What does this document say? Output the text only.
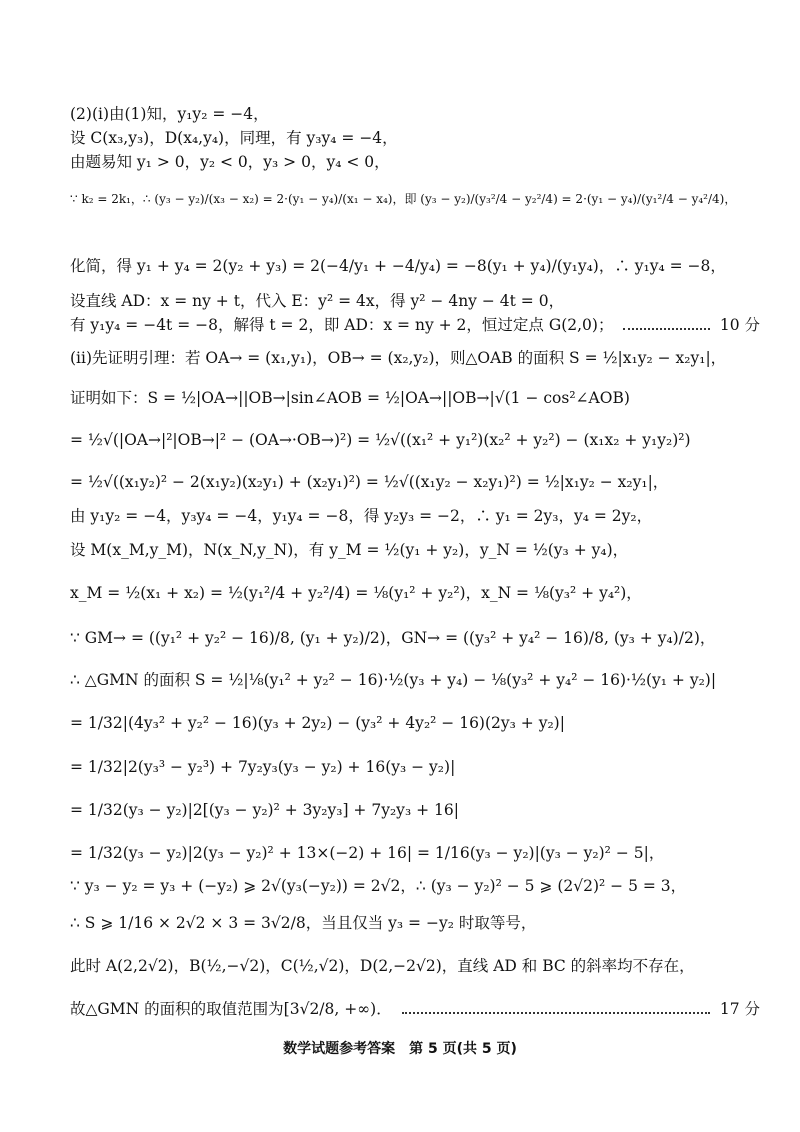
(2)(ⅰ)由(1)知，y₁y₂ = −4，
设 C(x₃,y₃)，D(x₄,y₄)，同理，有 y₃y₄ = −4，
由题易知 y₁ > 0，y₂ < 0，y₃ > 0，y₄ < 0，
∵ k₂ = 2k₁，∴ (y₃ − y₂)/(x₃ − x₂) = 2·(y₁ − y₄)/(x₁ − x₄)，即 (y₃ − y₂)/(y₃²/4 − y₂²/4) = 2·(y₁ − y₄)/(y₁²/4 − y₄²/4)，
化简，得 y₁ + y₄ = 2(y₂ + y₃) = 2(−4/y₁ + −4/y₄) = −8(y₁ + y₄)/(y₁y₄)，∴ y₁y₄ = −8，
设直线 AD：x = ny + t，代入 E：y² = 4x，得 y² − 4ny − 4t = 0，
有 y₁y₄ = −4t = −8，解得 t = 2，即 AD：x = ny + 2，恒过定点 G(2,0)；	10 分
(ⅱ)先证明引理：若 OA→ = (x₁,y₁)，OB→ = (x₂,y₂)，则△OAB 的面积 S = ½|x₁y₂ − x₂y₁|，
证明如下：S = ½|OA→||OB→|sin∠AOB = ½|OA→||OB→|√(1 − cos²∠AOB)
= ½√(|OA→|²|OB→|² − (OA→·OB→)²) = ½√((x₁² + y₁²)(x₂² + y₂²) − (x₁x₂ + y₁y₂)²)
= ½√((x₁y₂)² − 2(x₁y₂)(x₂y₁) + (x₂y₁)²) = ½√((x₁y₂ − x₂y₁)²) = ½|x₁y₂ − x₂y₁|，
由 y₁y₂ = −4，y₃y₄ = −4，y₁y₄ = −8，得 y₂y₃ = −2，∴ y₁ = 2y₃，y₄ = 2y₂，
设 M(x_M,y_M)，N(x_N,y_N)，有 y_M = ½(y₁ + y₂)，y_N = ½(y₃ + y₄)，
x_M = ½(x₁ + x₂) = ½(y₁²/4 + y₂²/4) = ⅛(y₁² + y₂²)，x_N = ⅛(y₃² + y₄²)，
∵ GM→ = ((y₁² + y₂² − 16)/8, (y₁ + y₂)/2)，GN→ = ((y₃² + y₄² − 16)/8, (y₃ + y₄)/2)，
∴ △GMN 的面积 S = ½|⅛(y₁² + y₂² − 16)·½(y₃ + y₄) − ⅛(y₃² + y₄² − 16)·½(y₁ + y₂)|
= 1/32|(4y₃² + y₂² − 16)(y₃ + 2y₂) − (y₃² + 4y₂² − 16)(2y₃ + y₂)|
= 1/32|2(y₃³ − y₂³) + 7y₂y₃(y₃ − y₂) + 16(y₃ − y₂)|
= 1/32(y₃ − y₂)|2[(y₃ − y₂)² + 3y₂y₃] + 7y₂y₃ + 16|
= 1/32(y₃ − y₂)|2(y₃ − y₂)² + 13×(−2) + 16| = 1/16(y₃ − y₂)|(y₃ − y₂)² − 5|，
∵ y₃ − y₂ = y₃ + (−y₂) ⩾ 2√(y₃(−y₂)) = 2√2，∴ (y₃ − y₂)² − 5 ⩾ (2√2)² − 5 = 3，
∴ S ⩾ 1/16 × 2√2 × 3 = 3√2/8，当且仅当 y₃ = −y₂ 时取等号，
此时 A(2,2√2)，B(½,−√2)，C(½,√2)，D(2,−2√2)，直线 AD 和 BC 的斜率均不存在，
故△GMN 的面积的取值范围为[3√2/8, +∞)．	17 分
数学试题参考答案　第 5 页(共 5 页)
